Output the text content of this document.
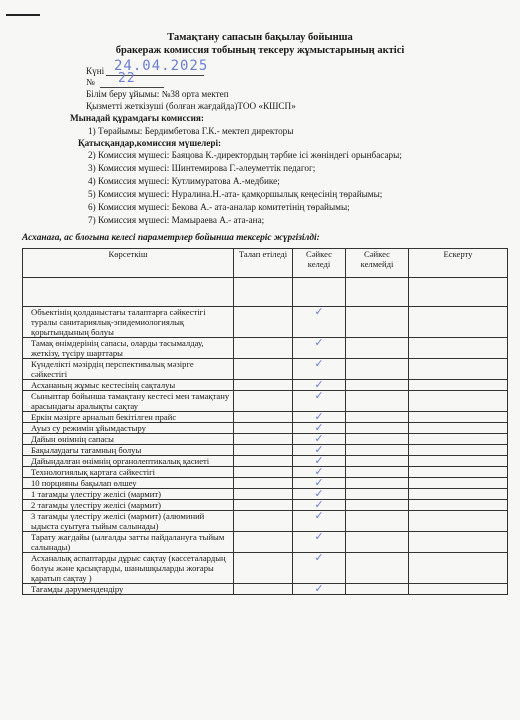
Тамақтану сапасын бақылау бойынша
бракераж комиссия тобының тексеру жұмыстарының актісі
Күні 24.04.2025
№ 22
Білім беру ұйымы: №38 орта мектеп
Қызметті жеткізуші (болған жағдайда)ТОО «КШСП»
Мынадай құрамдағы комиссия:
1) Төрайымы: Бердимбетова Г.К.- мектеп директоры
Қатысқандар,комиссия мүшелері:
2) Комиссия мүшесі: Баяцова К.-директордың тәрбие ісі жөніндегі орынбасары;
3) Комиссия мүшесі: Шинтемирова Г.-әлеуметтік педагог;
4) Комиссия мүшесі: Кутлимуратова А.-медбике;
5) Комиссия мүшесі: Нуралина.Н.-ата- қамқоршылық кеңесінің төрайымы;
6) Комиссия мүшесі: Бекова А.- ата-аналар комитетінің төрайымы;
7) Комиссия мүшесі: Мамыраева А.- ата-ана;
Асханаға, ас блогына келесі параметрлер бойынша тексеріс жүргізілді:
Көрсеткіш	Талап етіледі	Сәйкес келеді	Сәйкес келмейді	Ескерту

Объектінің қолданыстағы талаптарға сәйкестігі туралы санитариялық-эпидемиологиялық қорытындының болуы		✓		

Тамақ өнімдерінің сапасы, оларды тасымалдау, жеткізу, түсіру шарттары		✓		

Күнделікті мәзірдің перспективалық мәзірге сәйкестігі		✓		

Асхананың жұмыс кестесінің сақталуы		✓		

Сыныптар бойынша тамақтану кестесі мен тамақтану арасындағы аралықты сақтау		✓		

Еркін мәзірге арналып бекітілген прайс		✓		

Ауыз су режимін ұйымдастыру		✓		

Дайын өнімнің сапасы		✓		

Бақылаудағы тағамның болуы		✓		

Дайындалған өнімнің органолептикалық қасиеті		✓		

Технологиялық картаға сәйкестігі		✓		

10 порцияны бақылап өлшеу		✓		

1 тағамды үлестіру желісі (мармит)		✓		

2 тағамды үлестіру желісі (мармит)		✓		

3 тағамды үлестіру желісі (мармит) (алюминий ыдыста суытуға тыйым салынады)		✓		

Тарату жағдайы (ылғалды затты пайдалануға тыйым салынады)		✓		

Асханалық аспаптарды дұрыс сақтау (кассеталардың болуы және қасықтарды, шанышқыларды жоғары қаратып сақтау )		✓		

Тағамды дәрумендендіру		✓		
